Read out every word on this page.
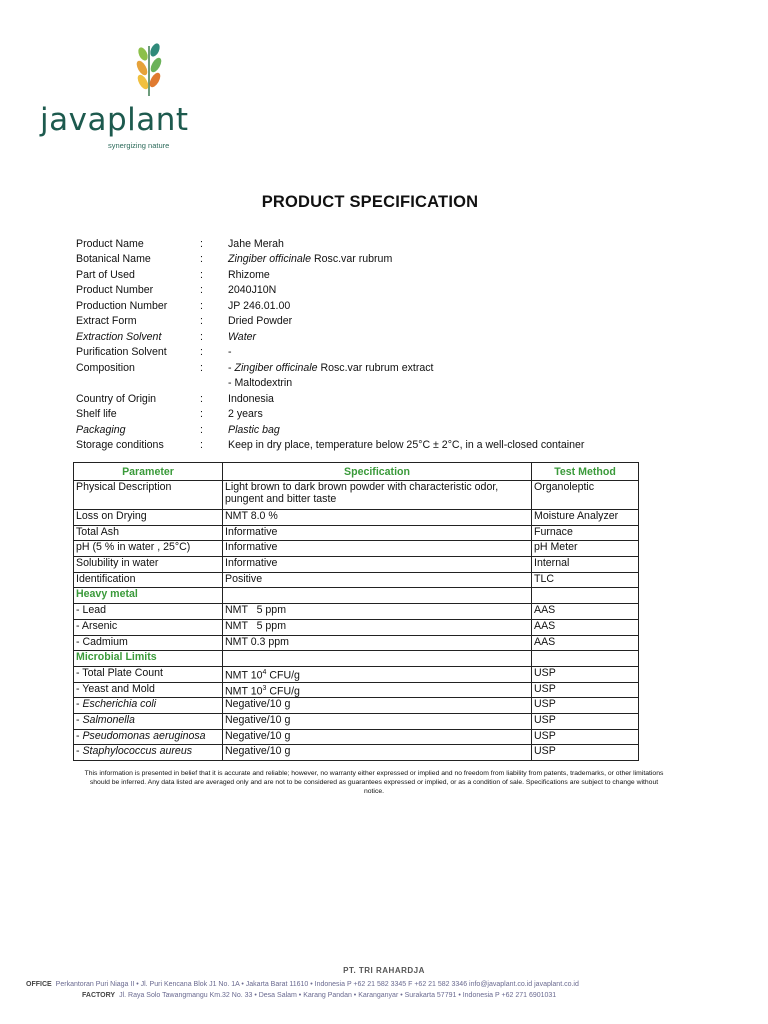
javaplant
synergizing nature
PRODUCT SPECIFICATION
Product Name	:	Jahe Merah
Botanical Name	:	Zingiber officinale Rosc.var rubrum
Part of Used	:	Rhizome
Product Number	:	2040J10N
Production Number	:	JP 246.01.00
Extract Form	:	Dried Powder
Extraction Solvent	:	Water
Purification Solvent	:	-
Composition	:	- Zingiber officinale Rosc.var rubrum extract
- Maltodextrin
Country of Origin	:	Indonesia
Shelf life	:	2 years
Packaging	:	Plastic bag
Storage conditions	:	Keep in dry place, temperature below 25°C ± 2°C, in a well-closed container
Parameter	Specification	Test Method
Physical Description	Light brown to dark brown powder with characteristic odor, pungent and bitter taste	Organoleptic
Loss on Drying	NMT 8.0 %	Moisture Analyzer
Total Ash	Informative	Furnace
pH (5 % in water , 25°C)	Informative	pH Meter
Solubility in water	Informative	Internal
Identification	Positive	TLC
Heavy metal		
- Lead	NMT   5 ppm	AAS
- Arsenic	NMT   5 ppm	AAS
- Cadmium	NMT 0.3 ppm	AAS
Microbial Limits		
- Total Plate Count	NMT $10^4$ CFU/g	USP
- Yeast and Mold	NMT $10^3$ CFU/g	USP
- Escherichia coli	Negative/10 g	USP
- Salmonella	Negative/10 g	USP
- Pseudomonas aeruginosa	Negative/10 g	USP
- Staphylococcus aureus	Negative/10 g	USP
This information is presented in belief that it is accurate and reliable; however, no warranty either expressed or implied and no freedom from liability from patents, trademarks, or other limitations should be inferred. Any data listed are averaged only and are not to be considered as guarantees expressed or implied, or as a condition of sale. Specifications are subject to change without notice.
PT. TRI RAHARDJA
OFFICE Perkantoran Puri Niaga II • Jl. Puri Kencana Blok J1 No. 1A • Jakarta Barat 11610 • Indonesia P +62 21 582 3345 F +62 21 582 3346 info@javaplant.co.id javaplant.co.id
FACTORY Jl. Raya Solo Tawangmangu Km.32 No. 33 • Desa Salam • Karang Pandan • Karanganyar • Surakarta 57791 • Indonesia P +62 271 6901031
